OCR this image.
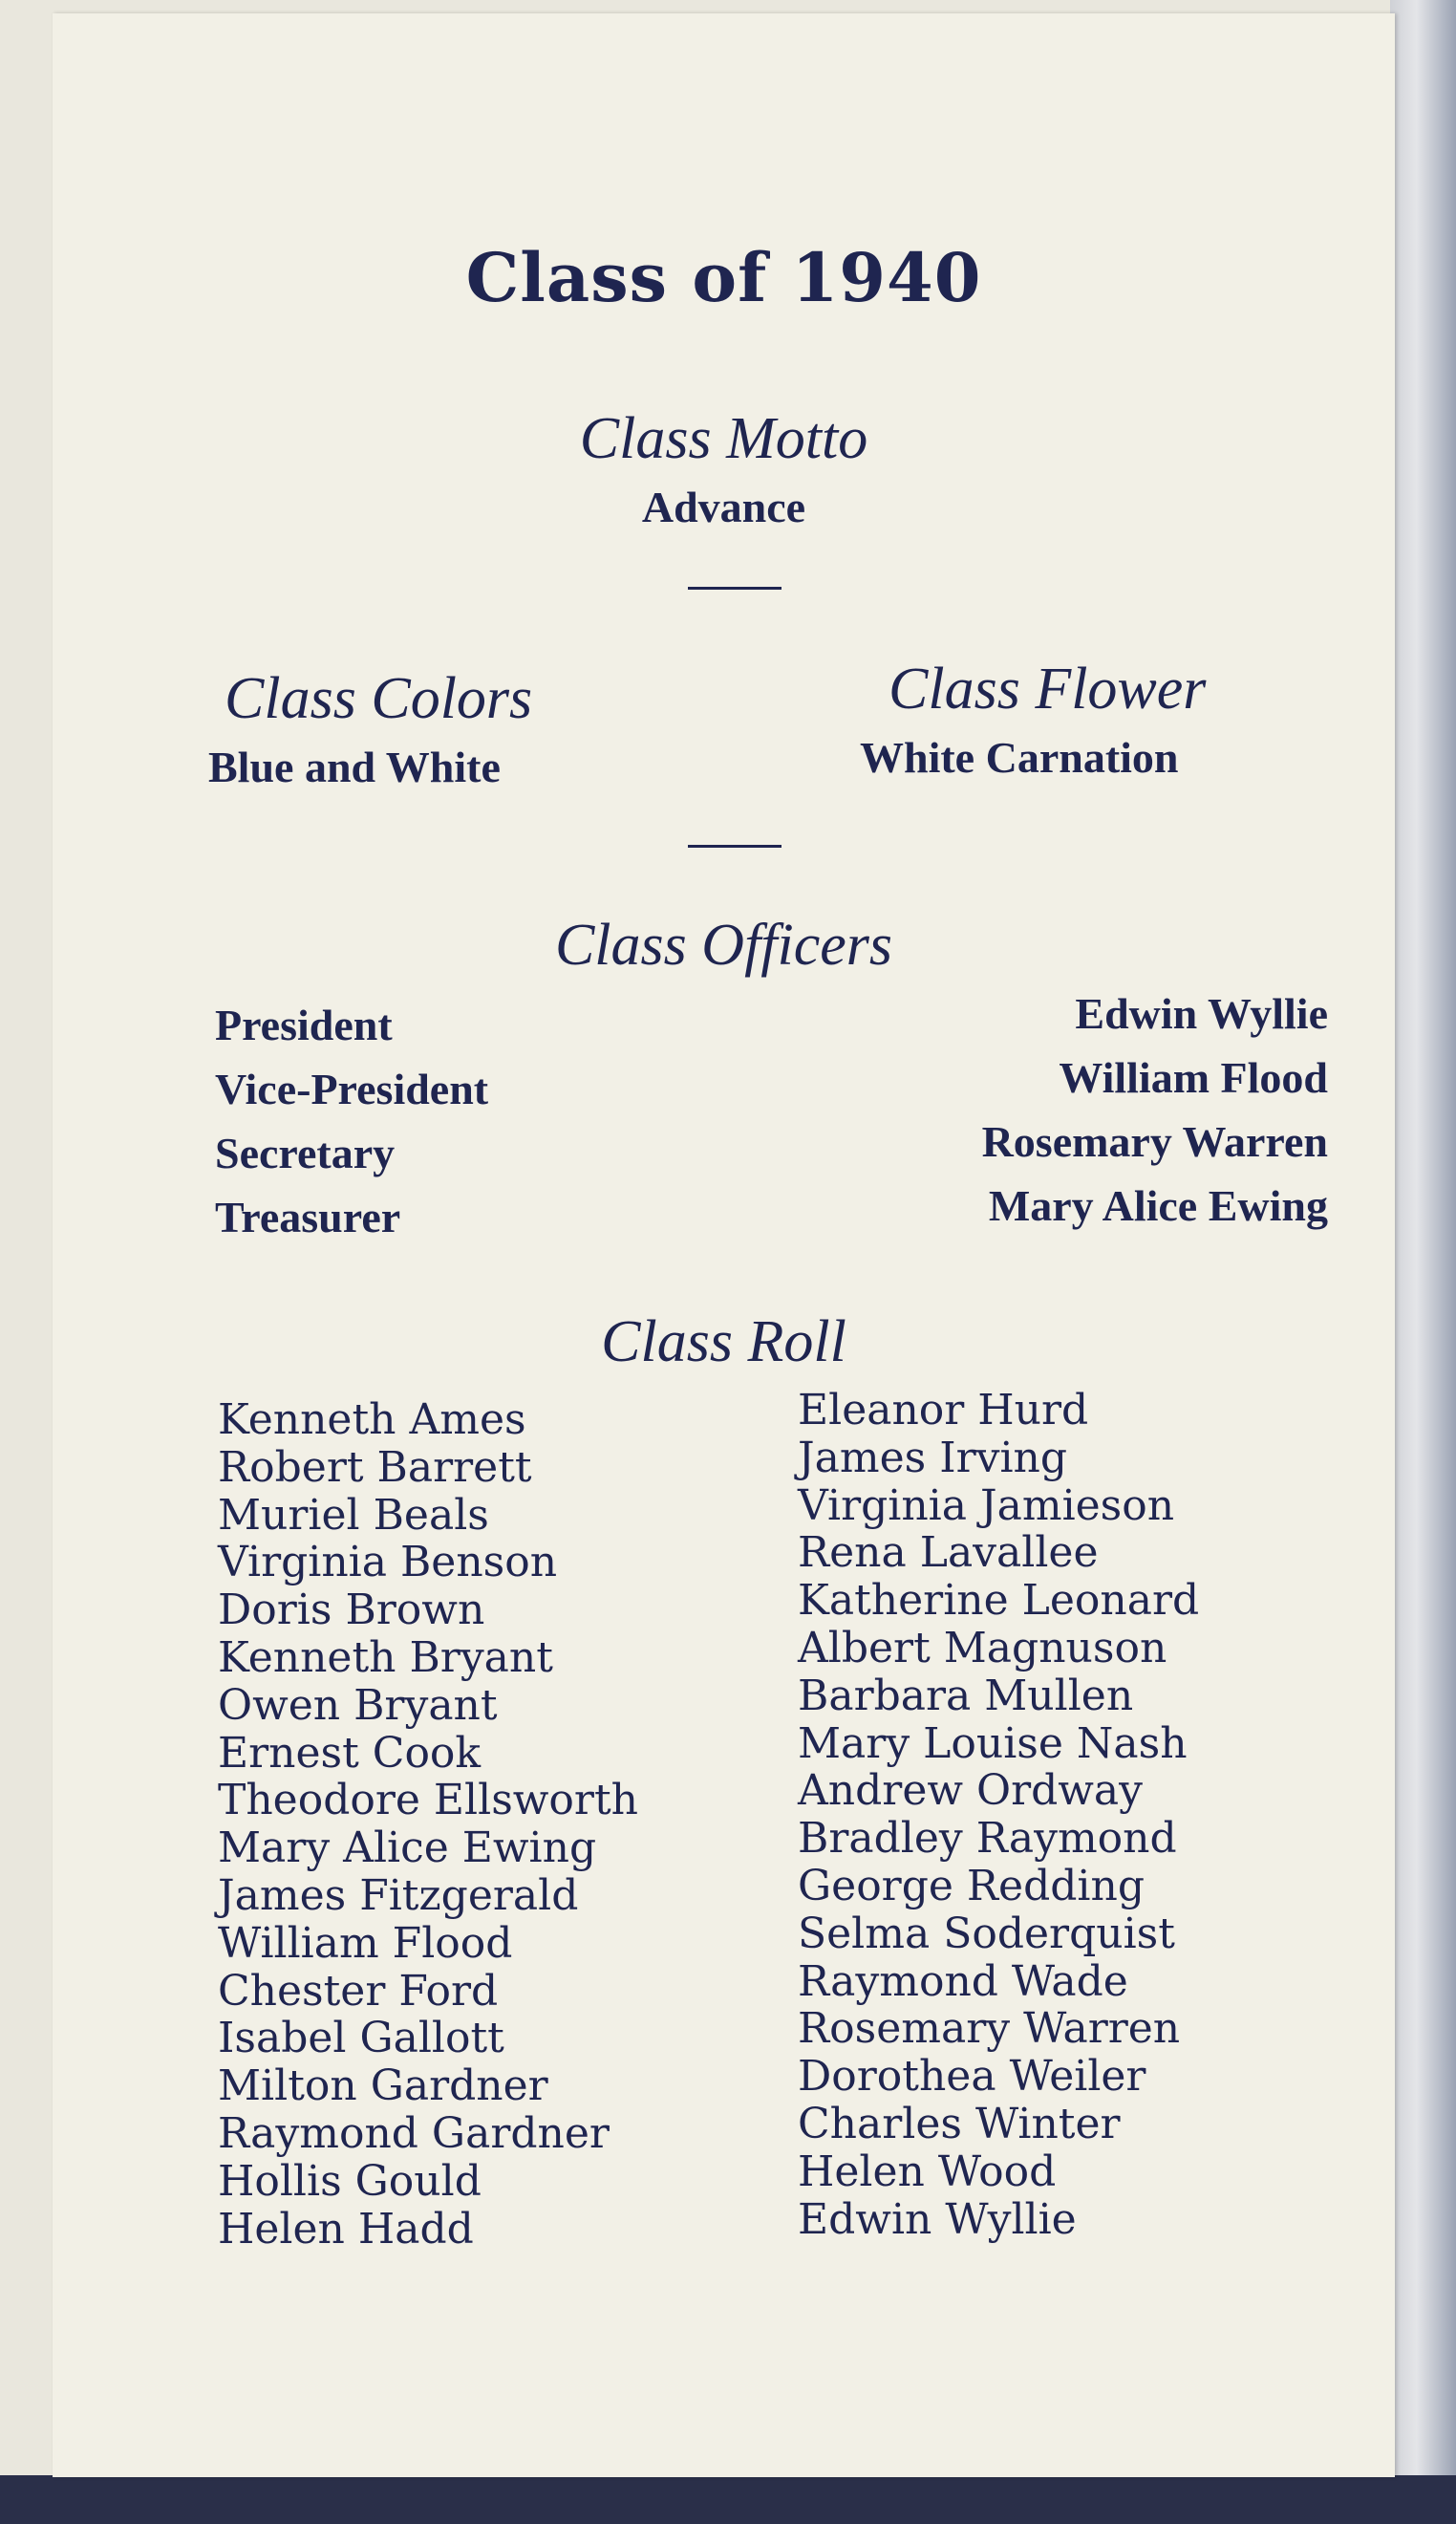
Class of 1940
Class Motto
Advance
Class Colors
Blue and White
Class Flower
White Carnation
Class Officers
President
Vice-President
Secretary
Treasurer
Edwin Wyllie
William Flood
Rosemary Warren
Mary Alice Ewing
Class Roll
Kenneth Ames
Robert Barrett
Muriel Beals
Virginia Benson
Doris Brown
Kenneth Bryant
Owen Bryant
Ernest Cook
Theodore Ellsworth
Mary Alice Ewing
James Fitzgerald
William Flood
Chester Ford
Isabel Gallott
Milton Gardner
Raymond Gardner
Hollis Gould
Helen Hadd
Eleanor Hurd
James Irving
Virginia Jamieson
Rena Lavallee
Katherine Leonard
Albert Magnuson
Barbara Mullen
Mary Louise Nash
Andrew Ordway
Bradley Raymond
George Redding
Selma Soderquist
Raymond Wade
Rosemary Warren
Dorothea Weiler
Charles Winter
Helen Wood
Edwin Wyllie
